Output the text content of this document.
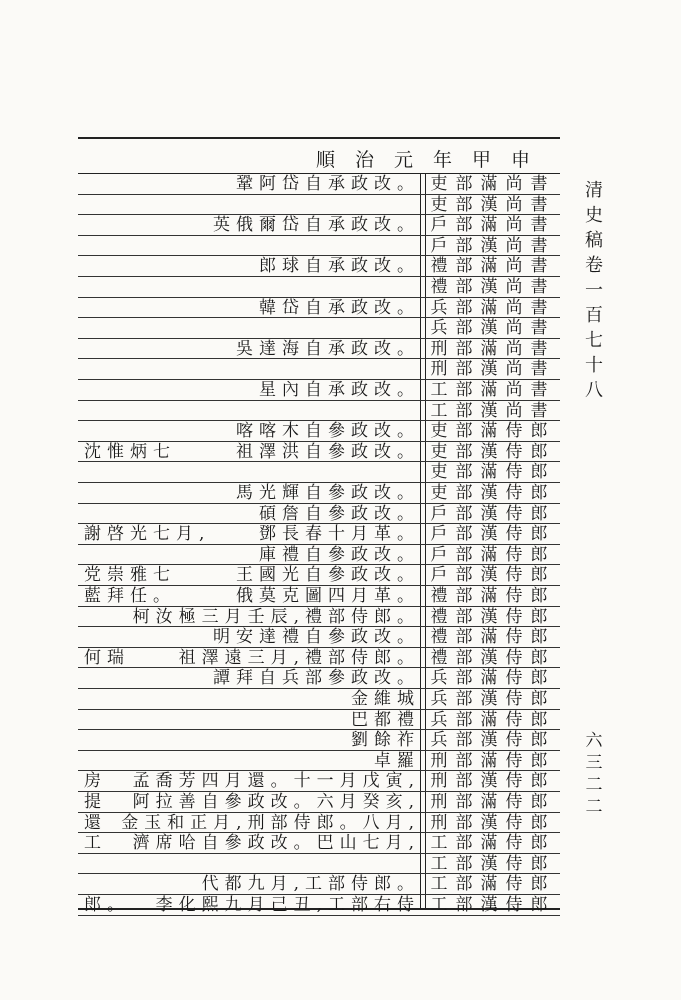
清
史
稿
卷
一
百
七
十
八
六
三
二
二
順治元年甲申
吏部滿尚書
鞏阿岱自承政改。
吏部漢尚書
戶部滿尚書
英俄爾岱自承政改。
戶部漢尚書
禮部滿尚書
郎球自承政改。
禮部漢尚書
兵部滿尚書
韓岱自承政改。
兵部漢尚書
刑部滿尚書
吳達海自承政改。
刑部漢尚書
工部滿尚書
星內自承政改。
工部漢尚書
吏部滿侍郎
喀喀木自參政改。
吏部漢侍郎
祖澤洪自參政改。
沈惟炳七
吏部滿侍郎
吏部漢侍郎
馬光輝自參政改。
戶部漢侍郎
碩詹自參政改。
戶部漢侍郎
鄧長春十月革。
謝啓光七月,
戶部滿侍郎
庫禮自參政改。
戶部漢侍郎
王國光自參政改。
党崇雅七
禮部滿侍郎
俄莫克圖四月革。
藍拜任。
禮部漢侍郎
柯汝極三月壬辰,禮部侍郎。
禮部滿侍郎
明安達禮自參政改。
禮部漢侍郎
祖澤遠三月,禮部侍郎。
何瑞
兵部滿侍郎
譚拜自兵部參政改。
兵部漢侍郎
金維城
兵部滿侍郎
巴都禮
兵部漢侍郎
劉餘祚
刑部滿侍郎
卓羅
刑部漢侍郎
孟喬芳四月還。十一月戊寅,
房
刑部滿侍郎
阿拉善自參政改。六月癸亥,
提
刑部漢侍郎
金玉和正月,刑部侍郎。八月,
還
工部滿侍郎
濟席哈自參政改。巴山七月,
工
工部漢侍郎
工部滿侍郎
代都九月,工部侍郎。
工部漢侍郎
李化熙九月己丑,工部右侍
郎。
